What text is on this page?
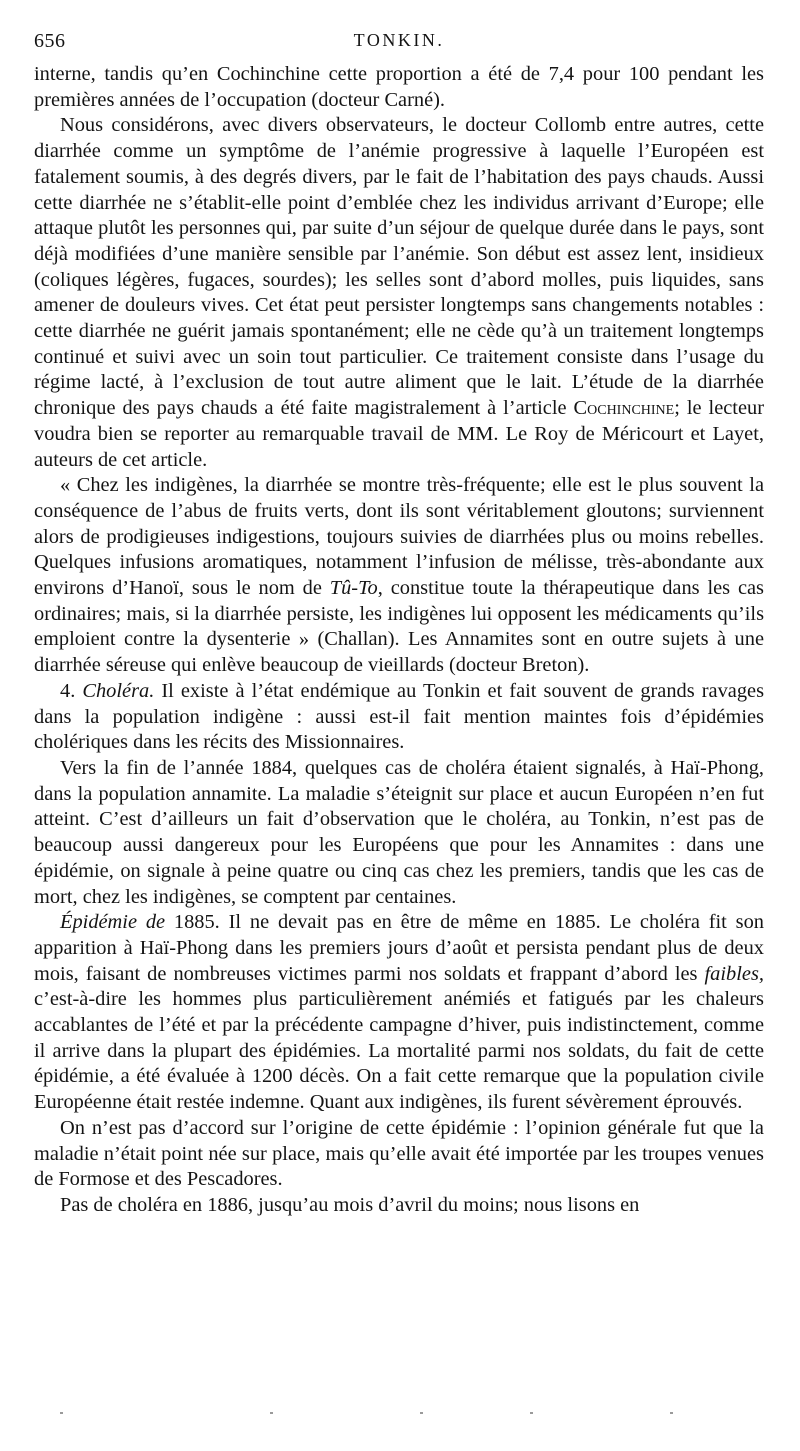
656	TONKIN.

interne, tandis qu’en Cochinchine cette proportion a été de 7,4 pour 100 pendant les premières années de l’occupation (docteur Carné).

Nous considérons, avec divers observateurs, le docteur Collomb entre autres, cette diarrhée comme un symptôme de l’anémie progressive à laquelle l’Européen est fatalement soumis, à des degrés divers, par le fait de l’habitation des pays chauds. Aussi cette diarrhée ne s’établit-elle point d’emblée chez les individus arrivant d’Europe; elle attaque plutôt les personnes qui, par suite d’un séjour de quelque durée dans le pays, sont déjà modifiées d’une manière sensible par l’anémie. Son début est assez lent, insidieux (coliques légères, fugaces, sourdes); les selles sont d’abord molles, puis liquides, sans amener de douleurs vives. Cet état peut persister longtemps sans changements notables : cette diarrhée ne guérit jamais spontanément; elle ne cède qu’à un traitement longtemps continué et suivi avec un soin tout particulier. Ce traitement consiste dans l’usage du régime lacté, à l’exclusion de tout autre aliment que le lait. L’étude de la diarrhée chronique des pays chauds a été faite magistralement à l’article Cochinchine; le lecteur voudra bien se reporter au remarquable travail de MM. Le Roy de Méricourt et Layet, auteurs de cet article.

« Chez les indigènes, la diarrhée se montre très-fréquente; elle est le plus souvent la conséquence de l’abus de fruits verts, dont ils sont véritablement gloutons; surviennent alors de prodigieuses indigestions, toujours suivies de diarrhées plus ou moins rebelles. Quelques infusions aromatiques, notamment l’infusion de mélisse, très-abondante aux environs d’Hanoï, sous le nom de Tû-To, constitue toute la thérapeutique dans les cas ordinaires; mais, si la diarrhée persiste, les indigènes lui opposent les médicaments qu’ils emploient contre la dysenterie » (Challan). Les Annamites sont en outre sujets à une diarrhée séreuse qui enlève beaucoup de vieillards (docteur Breton).

4. Choléra. Il existe à l’état endémique au Tonkin et fait souvent de grands ravages dans la population indigène : aussi est-il fait mention maintes fois d’épidémies cholériques dans les récits des Missionnaires.

Vers la fin de l’année 1884, quelques cas de choléra étaient signalés, à Haï-Phong, dans la population annamite. La maladie s’éteignit sur place et aucun Européen n’en fut atteint. C’est d’ailleurs un fait d’observation que le choléra, au Tonkin, n’est pas de beaucoup aussi dangereux pour les Européens que pour les Annamites : dans une épidémie, on signale à peine quatre ou cinq cas chez les premiers, tandis que les cas de mort, chez les indigènes, se comptent par centaines.

Épidémie de 1885. Il ne devait pas en être de même en 1885. Le choléra fit son apparition à Haï-Phong dans les premiers jours d’août et persista pendant plus de deux mois, faisant de nombreuses victimes parmi nos soldats et frappant d’abord les faibles, c’est-à-dire les hommes plus particulièrement anémiés et fatigués par les chaleurs accablantes de l’été et par la précédente campagne d’hiver, puis indistinctement, comme il arrive dans la plupart des épidémies. La mortalité parmi nos soldats, du fait de cette épidémie, a été évaluée à 1200 décès. On a fait cette remarque que la population civile Européenne était restée indemne. Quant aux indigènes, ils furent sévèrement éprouvés.

On n’est pas d’accord sur l’origine de cette épidémie : l’opinion générale fut que la maladie n’était point née sur place, mais qu’elle avait été importée par les troupes venues de Formose et des Pescadores.

Pas de choléra en 1886, jusqu’au mois d’avril du moins; nous lisons en
